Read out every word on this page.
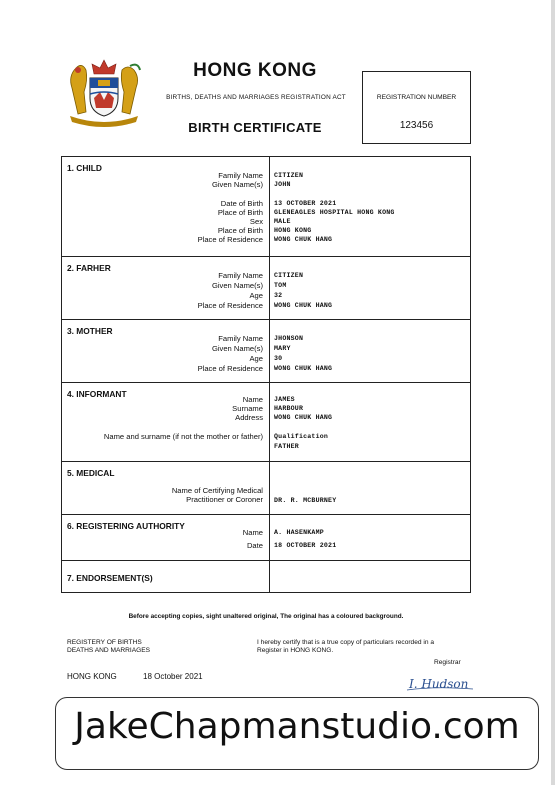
HONG KONG
BIRTHS, DEATHS AND MARRIAGES REGISTRATION ACT
BIRTH CERTIFICATE
REGISTRATION NUMBER
123456
1. CHILD
Family Name
Given Name(s)
Date of Birth
Place of Birth
Sex
Place of Birth
Place of Residence
CITIZEN
JOHN
13 OCTOBER 2021
GLENEAGLES HOSPITAL HONG KONG
MALE
HONG KONG
WONG CHUK HANG
2. FARHER
Family Name
Given Name(s)
Age
Place of Residence
CITIZEN
TOM
32
WONG CHUK HANG
3. MOTHER
Family Name
Given Name(s)
Age
Place of Residence
JHONSON
MARY
30
WONG CHUK HANG
4. INFORMANT
Name
Surname
Address
Name and surname (if not the mother or father)
JAMES
HARBOUR
WONG CHUK HANG
Qualification
FATHER
5. MEDICAL
Name of Certifying Medical
Practitioner or Coroner DR. R. MCBURNEY
6. REGISTERING AUTHORITY
Name
Date
A. HASENKAMP
18 OCTOBER 2021
7. ENDORSEMENT(S)
Before accepting copies, sight unaltered original, The original has a coloured background.
REGISTERY OF BIRTHS
DEATHS AND MARRIAGES
I hereby certify that is a true copy of particulars recorded in a
Register in HONG KONG.
Registrar
HONG KONG	18 October 2021
I. Hudson
JakeChapmanstudio.com
